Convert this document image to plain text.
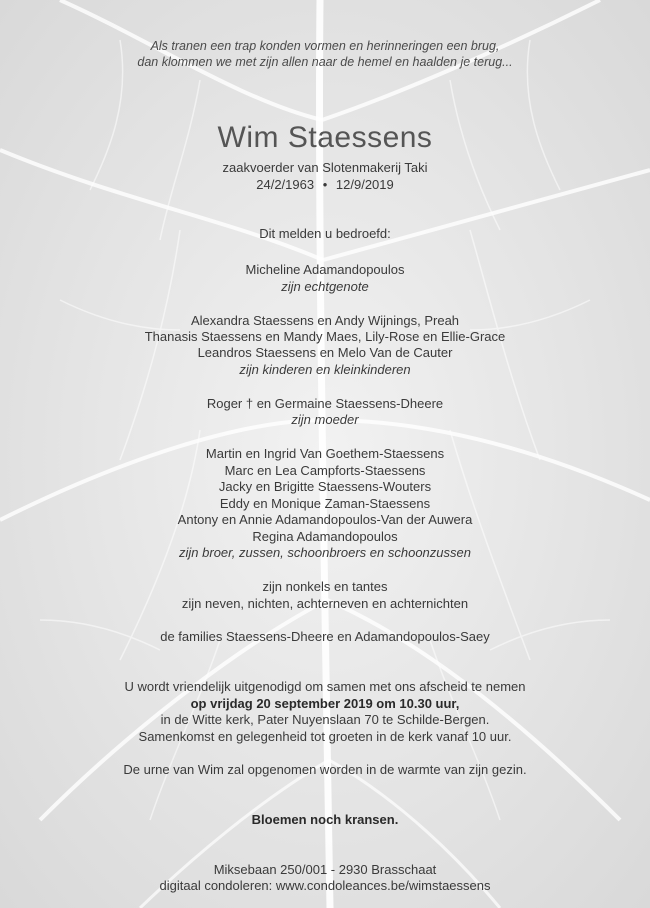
Als tranen een trap konden vormen en herinneringen een brug,
dan klommen we met zijn allen naar de hemel en haalden je terug...
Wim Staessens
zaakvoerder van Slotenmakerij Taki
24/2/1963 • 12/9/2019
Dit melden u bedroefd:
Micheline Adamandopoulos
zijn echtgenote
Alexandra Staessens en Andy Wijnings, Preah
Thanasis Staessens en Mandy Maes, Lily-Rose en Ellie-Grace
Leandros Staessens en Melo Van de Cauter
zijn kinderen en kleinkinderen
Roger † en Germaine Staessens-Dheere
zijn moeder
Martin en Ingrid Van Goethem-Staessens
Marc en Lea Campforts-Staessens
Jacky en Brigitte Staessens-Wouters
Eddy en Monique Zaman-Staessens
Antony en Annie Adamandopoulos-Van der Auwera
Regina Adamandopoulos
zijn broer, zussen, schoonbroers en schoonzussen
zijn nonkels en tantes
zijn neven, nichten, achterneven en achternichten
de families Staessens-Dheere en Adamandopoulos-Saey
U wordt vriendelijk uitgenodigd om samen met ons afscheid te nemen
op vrijdag 20 september 2019 om 10.30 uur,
in de Witte kerk, Pater Nuyenslaan 70 te Schilde-Bergen.
Samenkomst en gelegenheid tot groeten in de kerk vanaf 10 uur.
De urne van Wim zal opgenomen worden in de warmte van zijn gezin.
Bloemen noch kransen.
Miksebaan 250/001 - 2930 Brasschaat
digitaal condoleren: www.condoleances.be/wimstaessens
